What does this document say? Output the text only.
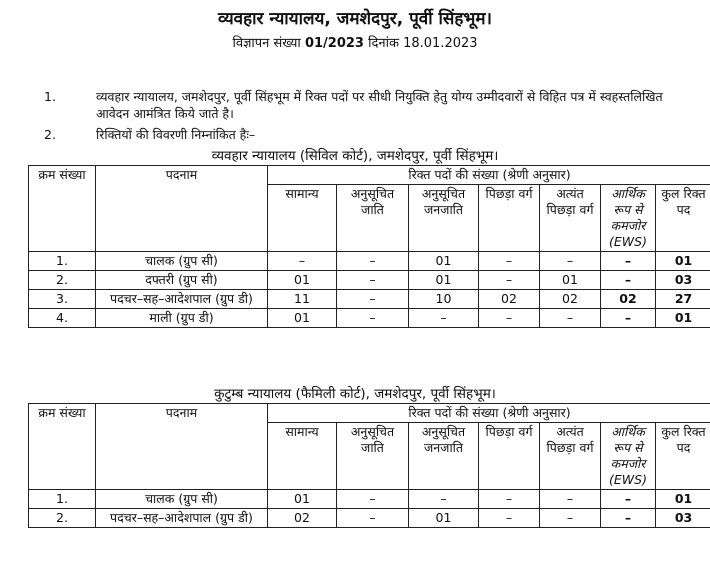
व्यवहार न्यायालय, जमशेदपुर, पूर्वी सिंहभूम।
विज्ञापन संख्या 01/2023 दिनांक 18.01.2023
1.	व्यवहार न्यायालय, जमशेदपुर, पूर्वी सिंहभूम में रिक्त पदों पर सीधी नियुक्ति हेतु योग्य उम्मीदवारों से विहित पत्र में स्वहस्तलिखित आवेदन आमंत्रित किये जाते है।
2.	रिक्तियों की विवरणी निम्नांकित हैः–
व्यवहार न्यायालय (सिविल कोर्ट), जमशेदपुर, पूर्वी सिंहभूम।
क्रम संख्या	पदनाम	रिक्त पदों की संख्या (श्रेणी अनुसार)						
		सामान्य	अनुसूचित जाति	अनुसूचित जनजाति	पिछड़ा वर्ग	अत्यंत पिछड़ा वर्ग	आर्थिक रूप से कमजोर (EWS)	कुल रिक्त पद
1.	चालक (ग्रुप सी)	–	–	01	–	–	–	01
2.	दफ्तरी (ग्रुप सी)	01	–	01	–	01	–	03
3.	पदचर–सह–आदेशपाल (ग्रुप डी)	11	–	10	02	02	02	27
4.	माली (ग्रुप डी)	01	–	–	–	–	–	01
कुटुम्ब न्यायालय (फैमिली कोर्ट), जमशेदपुर, पूर्वी सिंहभूम।
क्रम संख्या	पदनाम	रिक्त पदों की संख्या (श्रेणी अनुसार)						
		सामान्य	अनुसूचित जाति	अनुसूचित जनजाति	पिछड़ा वर्ग	अत्यंत पिछड़ा वर्ग	आर्थिक रूप से कमजोर (EWS)	कुल रिक्त पद
1.	चालक (ग्रुप सी)	01	–	–	–	–	–	01
2.	पदचर–सह–आदेशपाल (ग्रुप डी)	02	–	01	–	–	–	03
